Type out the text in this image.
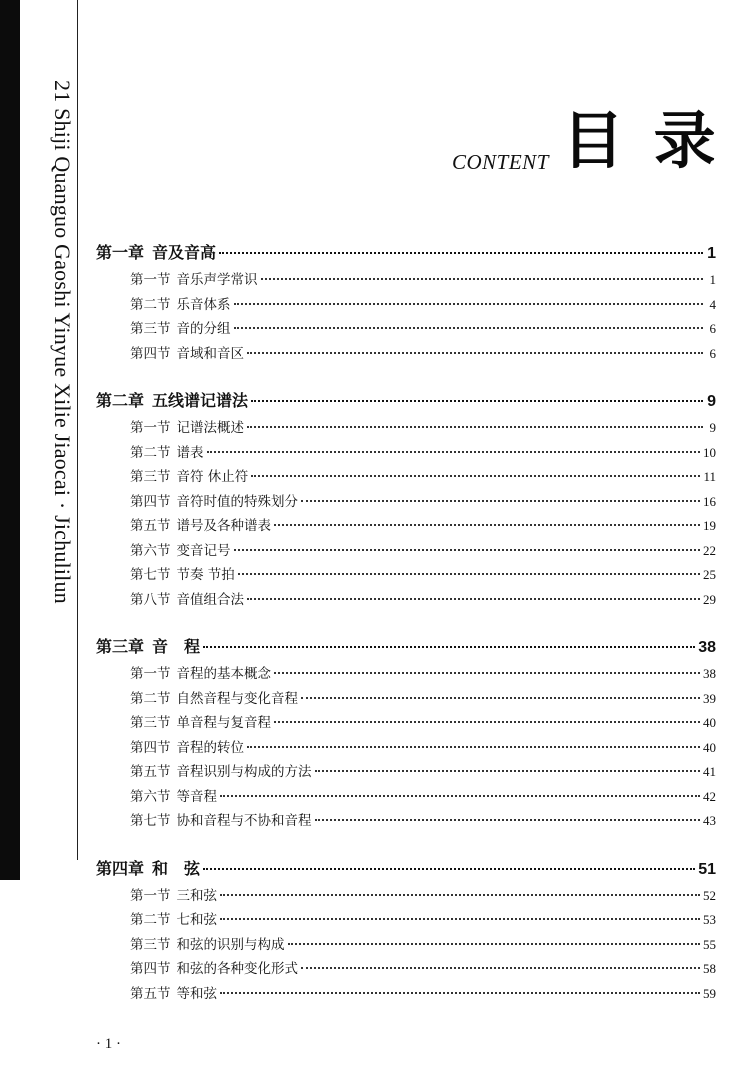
21 Shiji Quanguo Gaoshi Yinyue Xilie Jiaocai · Jichulilun	CONTENT 目 录
第一章 音及音高	1
第一节 音乐声学常识	1
第二节 乐音体系	4
第三节 音的分组	6
第四节 音域和音区	6
第二章 五线谱记谱法	9
第一节 记谱法概述	9
第二节 谱表	10
第三节 音符 休止符	11
第四节 音符时值的特殊划分	16
第五节 谱号及各种谱表	19
第六节 变音记号	22
第七节 节奏 节拍	25
第八节 音值组合法	29
第三章 音　程	38
第一节 音程的基本概念	38
第二节 自然音程与变化音程	39
第三节 单音程与复音程	40
第四节 音程的转位	40
第五节 音程识别与构成的方法	41
第六节 等音程	42
第七节 协和音程与不协和音程	43
第四章 和　弦	51
第一节 三和弦	52
第二节 七和弦	53
第三节 和弦的识别与构成	55
第四节 和弦的各种变化形式	58
第五节 等和弦	59
· 1 ·
